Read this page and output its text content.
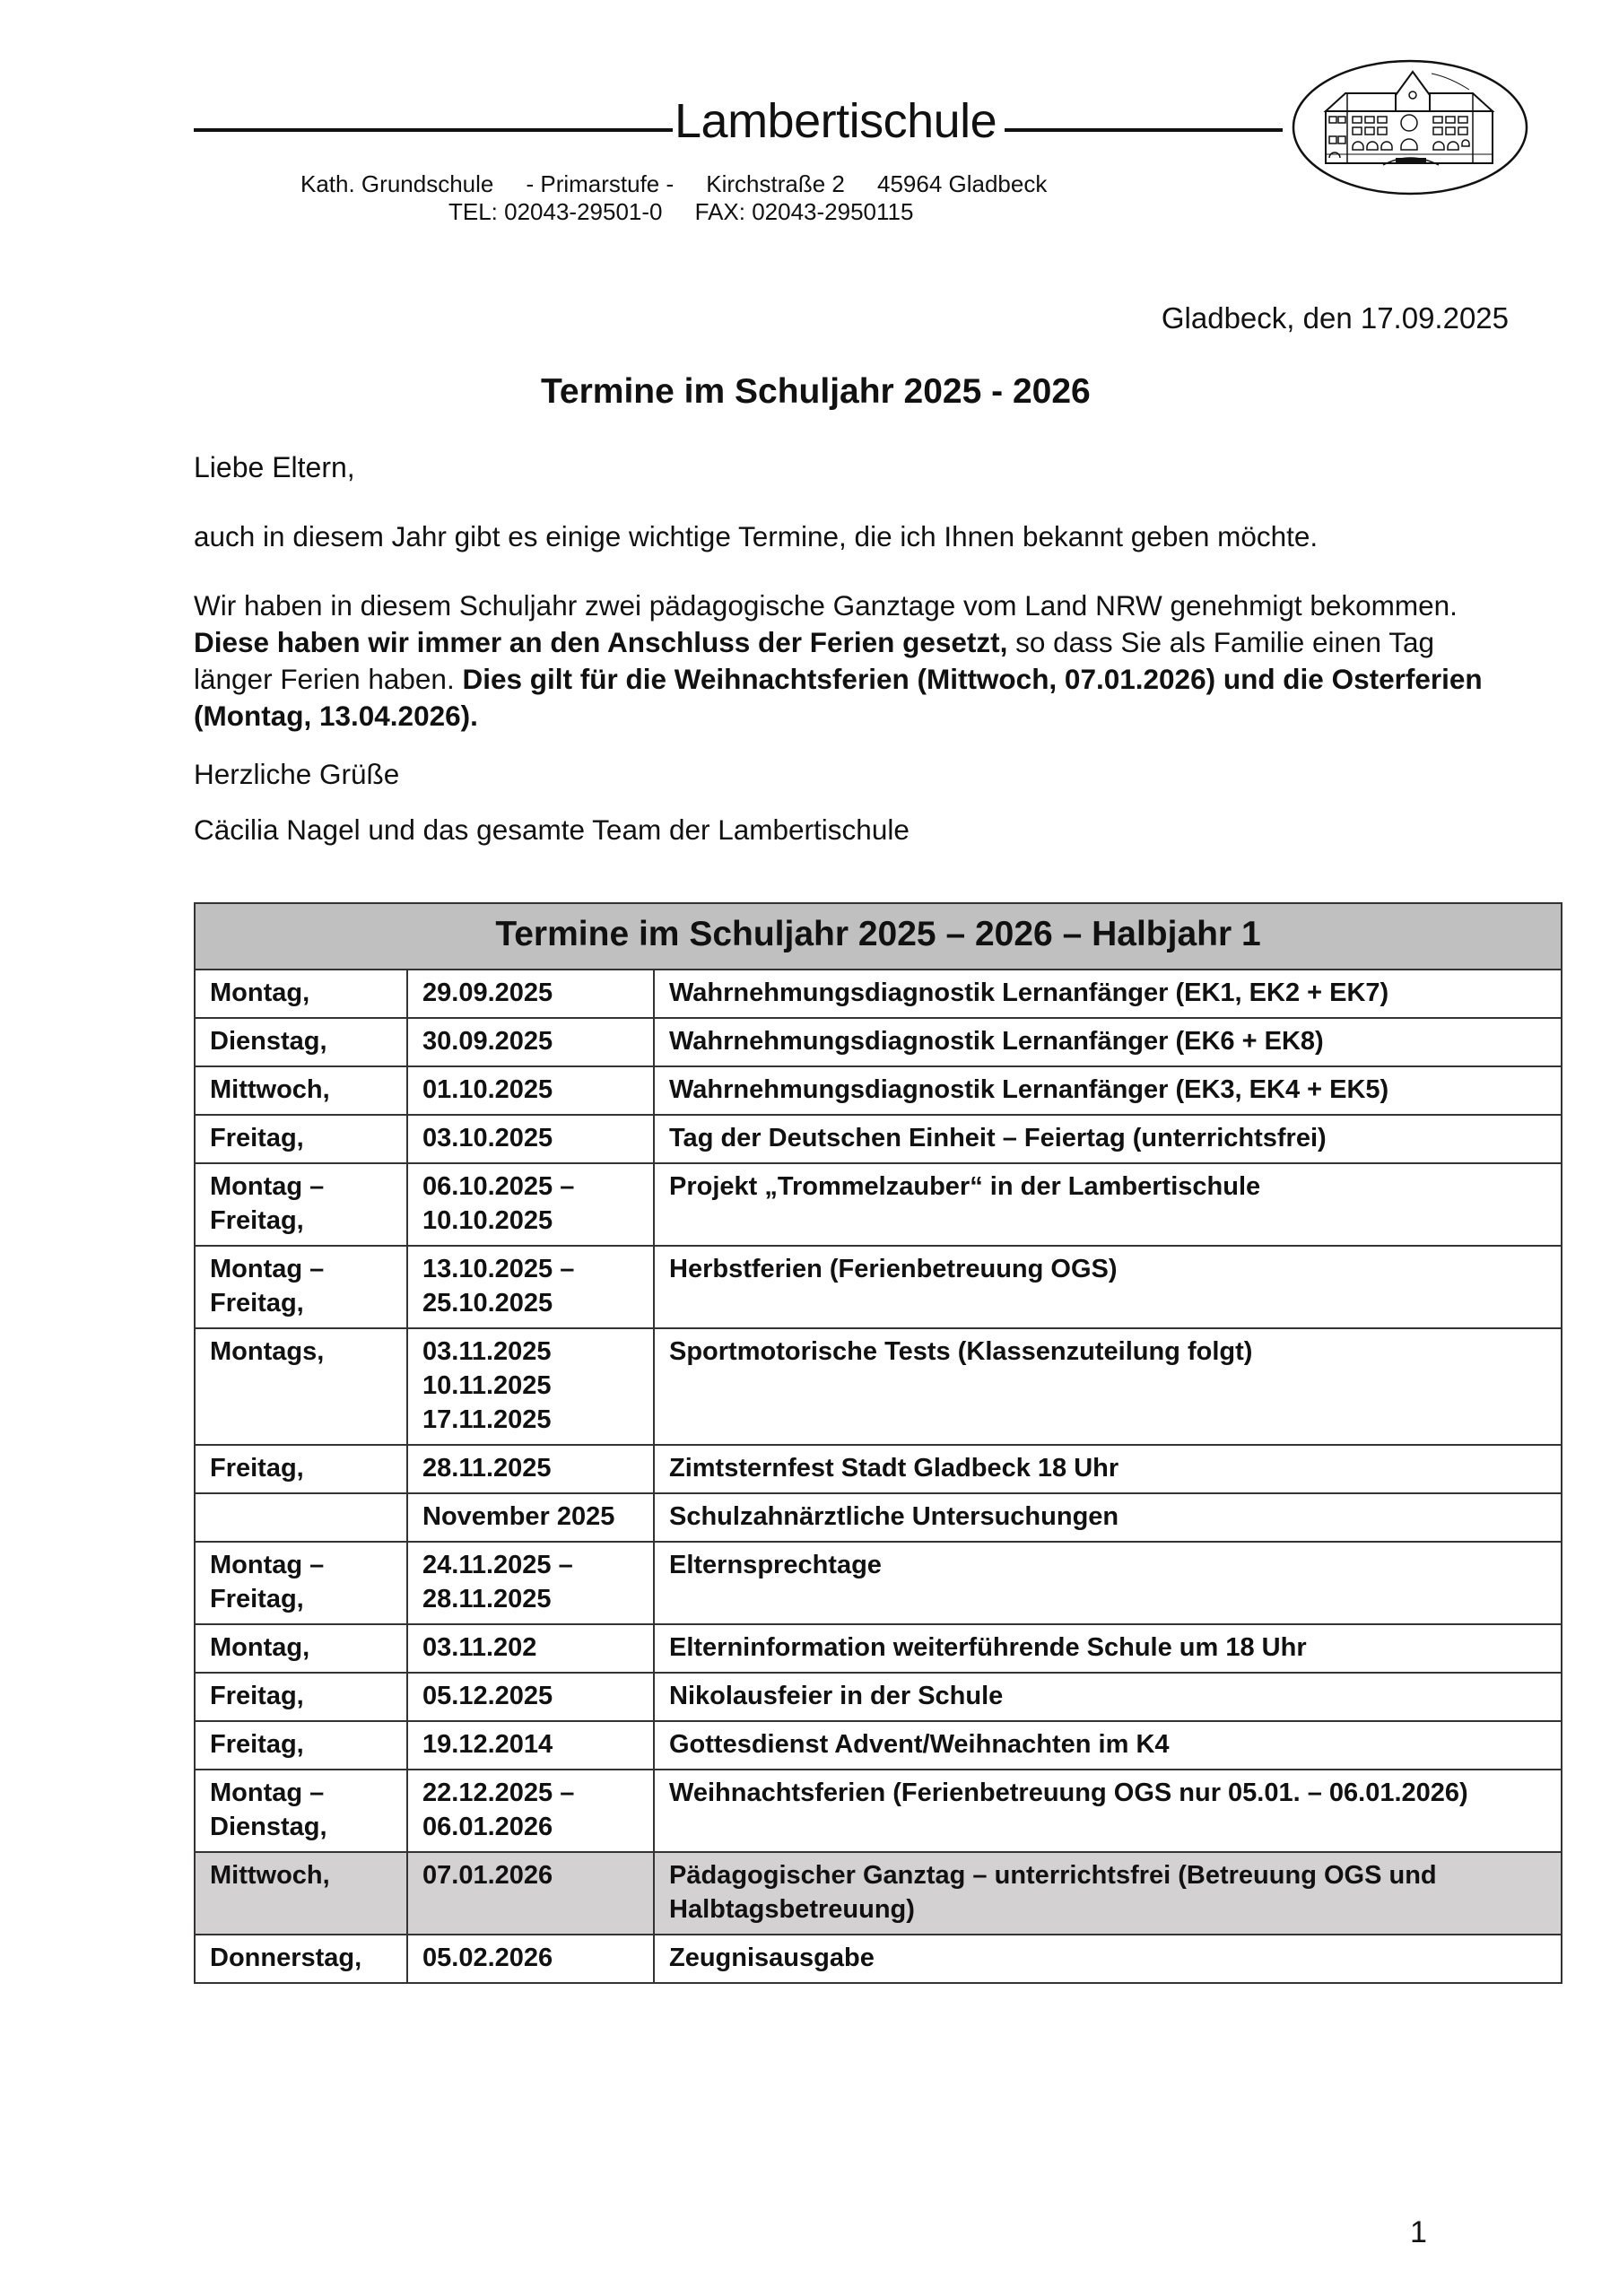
Lambertischule
Kath. Grundschule     - Primarstufe -     Kirchstraße 2     45964 Gladbeck
TEL: 02043-29501-0     FAX: 02043-2950115
Gladbeck, den 17.09.2025
Termine im Schuljahr 2025 - 2026
Liebe Eltern,
auch in diesem Jahr gibt es einige wichtige Termine, die ich Ihnen bekannt geben möchte.
Wir haben in diesem Schuljahr zwei pädagogische Ganztage vom Land NRW genehmigt bekommen. Diese haben wir immer an den Anschluss der Ferien gesetzt, so dass Sie als Familie einen Tag länger Ferien haben. Dies gilt für die Weihnachtsferien (Mittwoch, 07.01.2026) und die Osterferien (Montag, 13.04.2026).
Herzliche Grüße
Cäcilia Nagel und das gesamte Team der Lambertischule
Termine im Schuljahr 2025 – 2026 – Halbjahr 1		

Montag,	29.09.2025	Wahrnehmungsdiagnostik Lernanfänger (EK1, EK2 + EK7)

Dienstag,	30.09.2025	Wahrnehmungsdiagnostik Lernanfänger (EK6 + EK8)

Mittwoch,	01.10.2025	Wahrnehmungsdiagnostik Lernanfänger (EK3, EK4 + EK5)

Freitag,	03.10.2025	Tag der Deutschen Einheit – Feiertag (unterrichtsfrei)

Montag –
Freitag,	06.10.2025 –
10.10.2025	Projekt „Trommelzauber“ in der Lambertischule

Montag –
Freitag,	13.10.2025 –
25.10.2025	Herbstferien (Ferienbetreuung OGS)

Montags,	03.11.2025
10.11.2025
17.11.2025	Sportmotorische Tests (Klassenzuteilung folgt)

Freitag,	28.11.2025	Zimtsternfest Stadt Gladbeck 18 Uhr

	November 2025	Schulzahnärztliche Untersuchungen

Montag –
Freitag,	24.11.2025 –
28.11.2025	Elternsprechtage

Montag,	03.11.202	Elterninformation weiterführende Schule um 18 Uhr

Freitag,	05.12.2025	Nikolausfeier in der Schule

Freitag,	19.12.2014	Gottesdienst Advent/Weihnachten im K4

Montag –
Dienstag,	22.12.2025 –
06.01.2026	Weihnachtsferien (Ferienbetreuung OGS nur 05.01. – 06.01.2026)

Mittwoch,	07.01.2026	Pädagogischer Ganztag – unterrichtsfrei (Betreuung OGS und Halbtagsbetreuung)

Donnerstag,	05.02.2026	Zeugnisausgabe
1
